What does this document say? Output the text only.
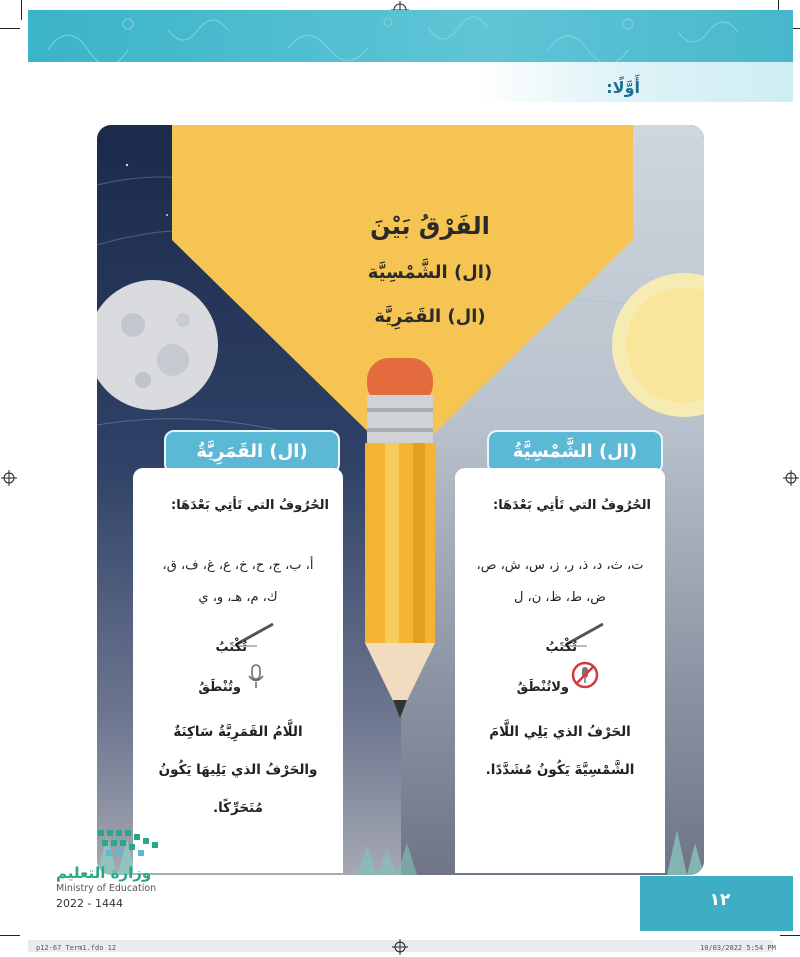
أَوَّلًا:
الفَرْقُ بَيْنَ
(ال) الشَّمْسِيَّة
(ال) القَمَرِيَّة
(ال) الشَّمْسِيَّةُ
(ال) القَمَرِيَّةُ
الحُرُوفُ التي تَأتِي بَعْدَهَا:
ت، ث، د، ذ، ر، ز، س، ش، ص،
ض، ط، ظ، ن، ل
تُكْتَبُ
ولاتُنْطَقُ
الحَرْفُ الذي يَلِي اللَّامَ
الشَّمْسِيَّةَ يَكُونُ مُشَدَّدًا.
الحُرُوفُ التي تَأتِي بَعْدَهَا:
أ، ب، ج، ح، خ، ع، غ، ف، ق،
ك، م، هـ، و، ي
تُكْتَبُ
وتُنْطَقُ
اللَّامُ القَمَرِيَّةُ سَاكِنَةٌ
والحَرْفُ الذي يَلِيهَا يَكُونُ
مُتَحَرِّكًا.
وزارة التعليم
Ministry of Education
2022 - 1444	١٢
p12-67 Term1.fdo 12	10/03/2022 5:54 PM
